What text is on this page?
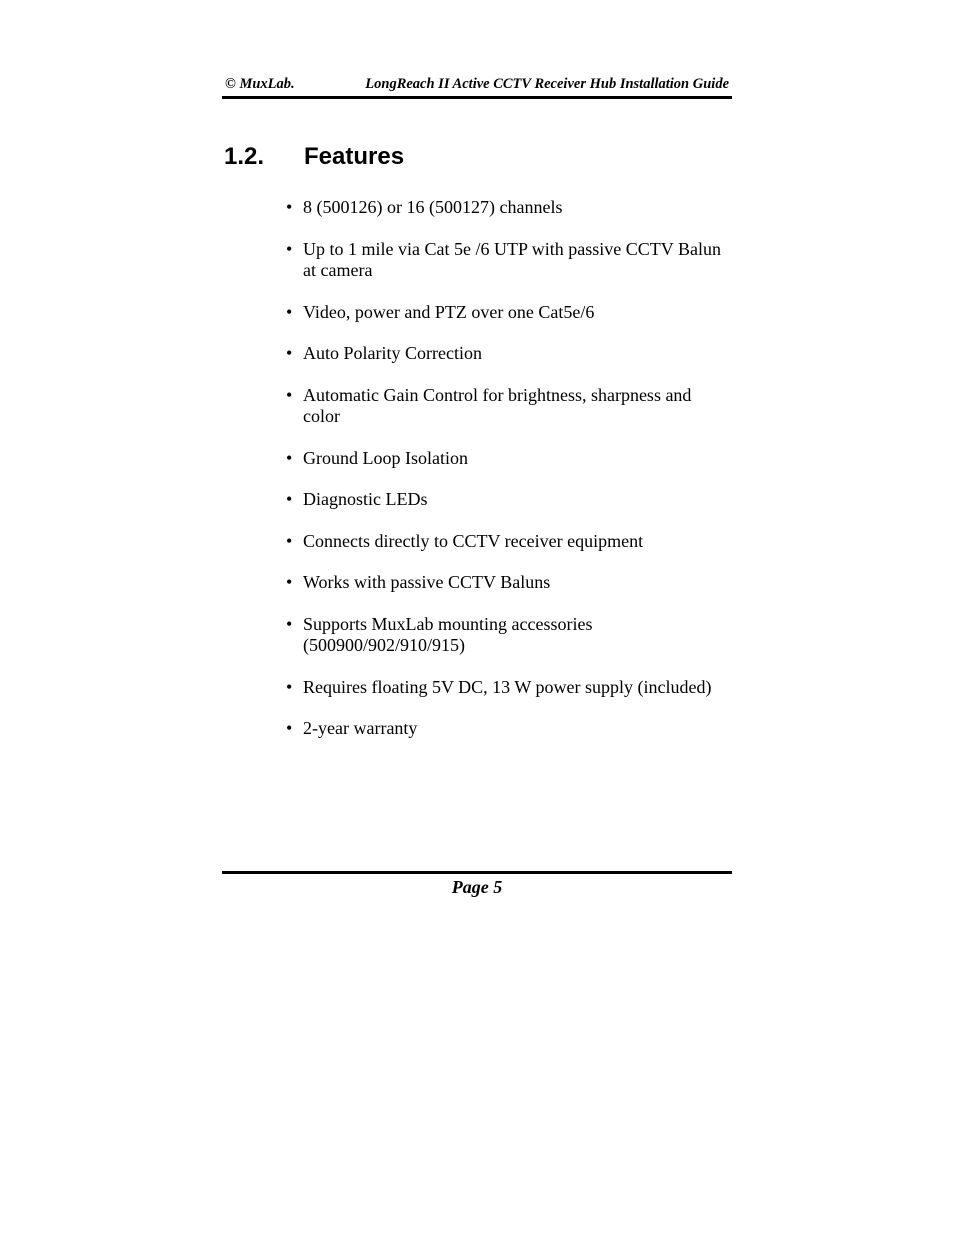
© MuxLab.	LongReach II Active CCTV Receiver Hub Installation Guide
1.2. Features
• 8 (500126) or 16 (500127) channels
• Up to 1 mile via Cat 5e /6 UTP with passive CCTV Balun at camera
• Video, power and PTZ over one Cat5e/6
• Auto Polarity Correction
• Automatic Gain Control for brightness, sharpness and color
• Ground Loop Isolation
• Diagnostic LEDs
• Connects directly to CCTV receiver equipment
• Works with passive CCTV Baluns
• Supports MuxLab mounting accessories (500900/902/910/915)
• Requires floating 5V DC, 13 W power supply (included)
• 2-year warranty
Page 5
